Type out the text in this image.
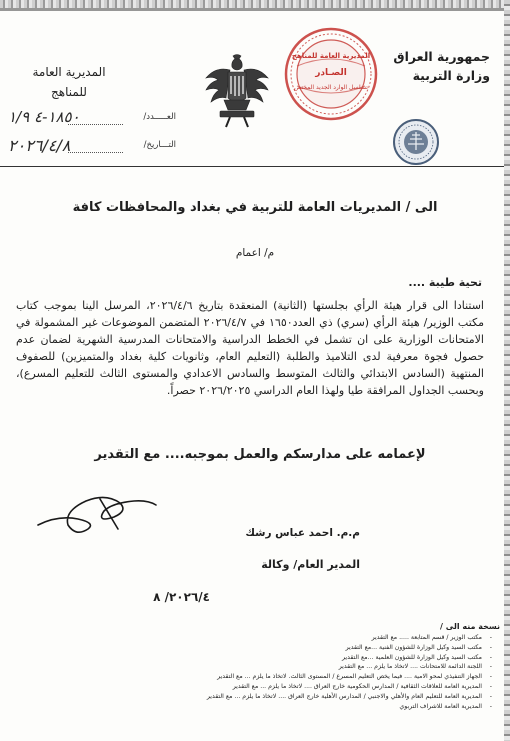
جمهورية العراق
وزارة التربية
المديرية العامة
للمناهج
العـــــدد/
١٨٥٠-٤ ١/٩
التـــاريخ/
٢٠٢٦/٤/٨
المديرية العامة للمناهج
الصـادر
تسلسل الوارد الجديد المختص
الى / المديريات العامة للتربية في بغداد والمحافظات كافة
م/ اعمام
تحية طيبة ....

استنادا الى قرار هيئة الرأي بجلستها (الثانية) المنعقدة بتاريخ ٢٠٢٦/٤/٦، المرسل الينا بموجب كتاب مكتب الوزير/ هيئة الرأي (سري) ذي العدد١٦٥٠ في ٢٠٢٦/٤/٧ المتضمن الموضوعات غير المشمولة في الامتحانات الوزارية على ان تشمل في الخطط الدراسية والامتحانات المدرسية الشهرية لضمان عدم حصول فجوة معرفية لدى التلاميذ والطلبة (التعليم العام، وثانويات كلية بغداد والمتميزين) للصفوف المنتهية (السادس الابتدائي والثالث المتوسط والسادس الاعدادي والمستوى الثالث للتعليم المسرع)، وبحسب الجداول المرافقة طيا ولهذا العام الدراسي ٢٠٢٦/٢٠٢٥ حصراً.

لإعمامه على مدارسكم والعمل بموجبه.... مع التقدير
م.م. احمد عباس رشك
المدير العام/ وكالة
٢٠٢٦/٤/ ٨
نسخة منه الى /
- مكتب الوزير / قسم المتابعة ..... مع التقدير
- مكتب السيد وكيل الوزارة للشؤون الفنية ...مع التقدير
- مكتب السيد وكيل الوزارة للشؤون العلمية ...مع التقدير
- اللجنة الدائمة للامتحانات .... لاتخاذ ما يلزم ... مع التقدير
- الجهاز التنفيذي لمحو الامية .... فيما يخص التعليم المسرع / المستوى الثالث. لاتخاذ ما يلزم ... مع التقدير
- المديرية العامة للعلاقات الثقافية / المدارس الحكومية خارج العراق .... لاتخاذ ما يلزم ... مع التقدير
- المديرية العامة للتعليم العام والأهلي والاجنبي / المدارس الأهلية خارج العراق .... لاتخاذ ما يلزم ... مع التقدير
- المديرية العامة للاشراف التربوي
